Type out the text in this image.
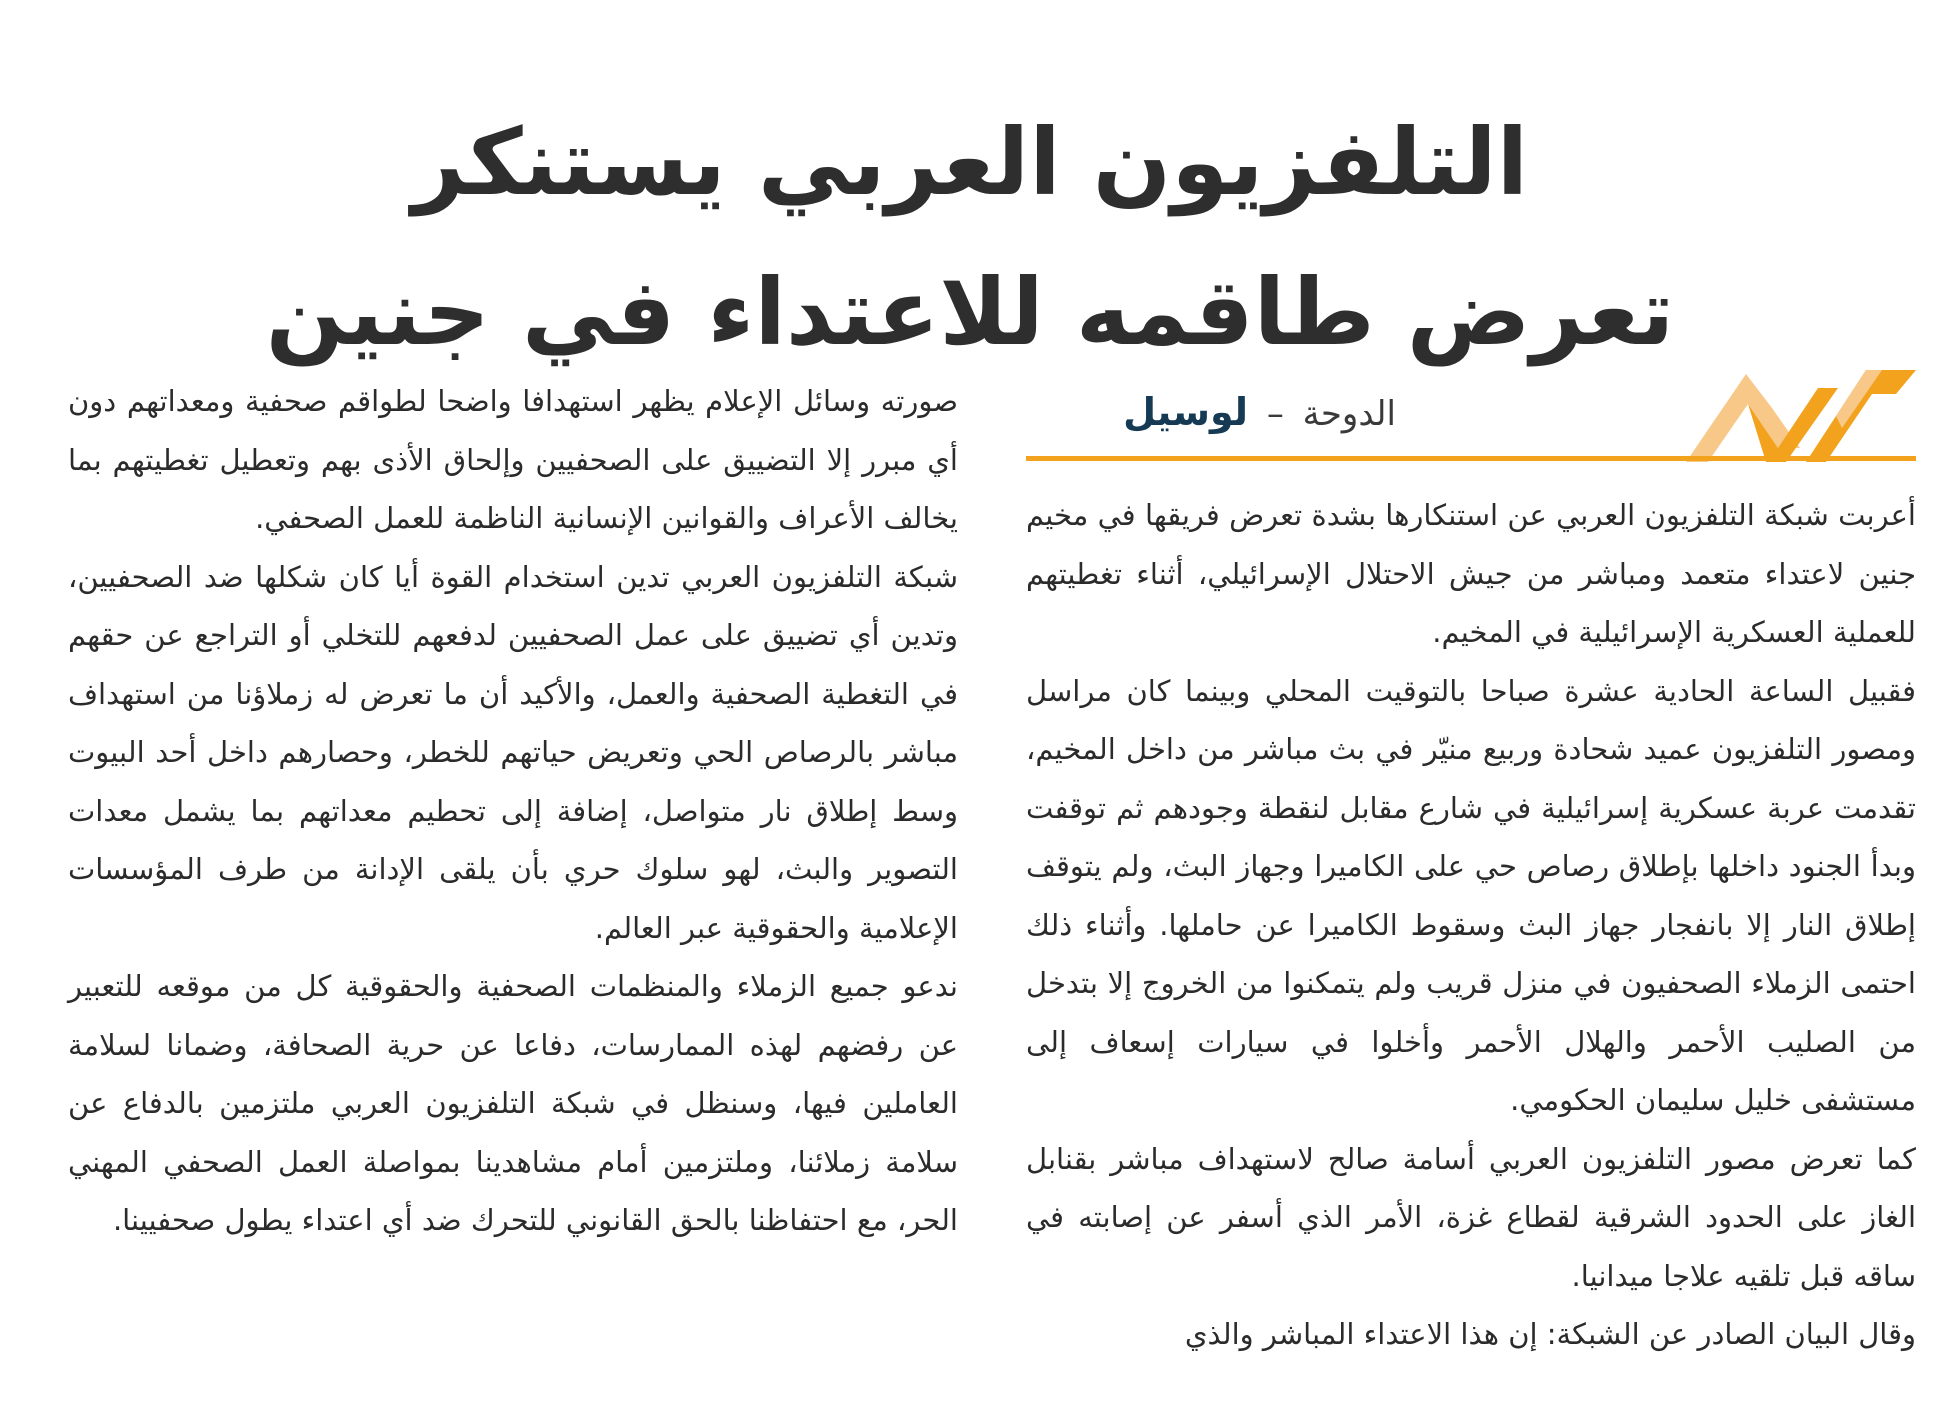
التلفزيون العربي يستنكر
تعرض طاقمه للاعتداء في جنين
الدوحة – لوسيل

أعربت شبكة التلفزيون العربي عن استنكارها بشدة تعرض فريقها في مخيم جنين لاعتداء متعمد ومباشر من جيش الاحتلال الإسرائيلي، أثناء تغطيتهم للعملية العسكرية الإسرائيلية في المخيم.

فقبيل الساعة الحادية عشرة صباحا بالتوقيت المحلي وبينما كان مراسل ومصور التلفزيون عميد شحادة وربيع منيّر في بث مباشر من داخل المخيم، تقدمت عربة عسكرية إسرائيلية في شارع مقابل لنقطة وجودهم ثم توقفت وبدأ الجنود داخلها بإطلاق رصاص حي على الكاميرا وجهاز البث، ولم يتوقف إطلاق النار إلا بانفجار جهاز البث وسقوط الكاميرا عن حاملها. وأثناء ذلك احتمى الزملاء الصحفيون في منزل قريب ولم يتمكنوا من الخروج إلا بتدخل من الصليب الأحمر والهلال الأحمر وأخلوا في سيارات إسعاف إلى مستشفى خليل سليمان الحكومي.

كما تعرض مصور التلفزيون العربي أسامة صالح لاستهداف مباشر بقنابل الغاز على الحدود الشرقية لقطاع غزة، الأمر الذي أسفر عن إصابته في ساقه قبل تلقيه علاجا ميدانيا.

وقال البيان الصادر عن الشبكة: إن هذا الاعتداء المباشر والذي

صورته وسائل الإعلام يظهر استهدافا واضحا لطواقم صحفية ومعداتهم دون أي مبرر إلا التضييق على الصحفيين وإلحاق الأذى بهم وتعطيل تغطيتهم بما يخالف الأعراف والقوانين الإنسانية الناظمة للعمل الصحفي.

شبكة التلفزيون العربي تدين استخدام القوة أيا كان شكلها ضد الصحفيين، وتدين أي تضييق على عمل الصحفيين لدفعهم للتخلي أو التراجع عن حقهم في التغطية الصحفية والعمل، والأكيد أن ما تعرض له زملاؤنا من استهداف مباشر بالرصاص الحي وتعريض حياتهم للخطر، وحصارهم داخل أحد البيوت وسط إطلاق نار متواصل، إضافة إلى تحطيم معداتهم بما يشمل معدات التصوير والبث، لهو سلوك حري بأن يلقى الإدانة من طرف المؤسسات الإعلامية والحقوقية عبر العالم.

ندعو جميع الزملاء والمنظمات الصحفية والحقوقية كل من موقعه للتعبير عن رفضهم لهذه الممارسات، دفاعا عن حرية الصحافة، وضمانا لسلامة العاملين فيها، وسنظل في شبكة التلفزيون العربي ملتزمين بالدفاع عن سلامة زملائنا، وملتزمين أمام مشاهدينا بمواصلة العمل الصحفي المهني الحر، مع احتفاظنا بالحق القانوني للتحرك ضد أي اعتداء يطول صحفيينا.
